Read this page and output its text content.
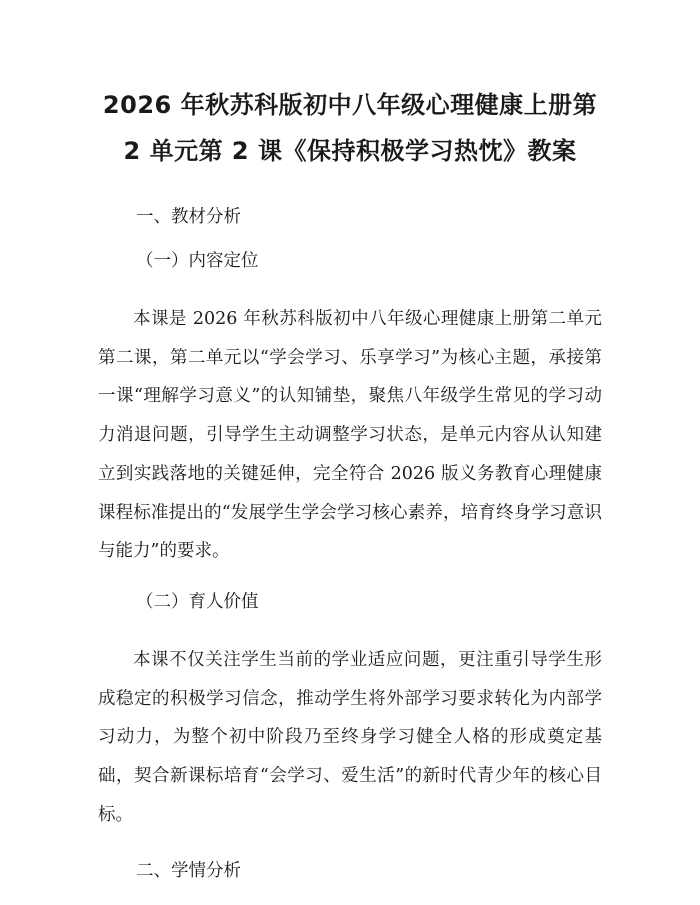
2026 年秋苏科版初中八年级心理健康上册第
2 单元第 2 课《保持积极学习热忱》教案

一、教材分析

（一）内容定位

本课是 2026 年秋苏科版初中八年级心理健康上册第二单元第二课，第二单元以“学会学习、乐享学习”为核心主题，承接第一课“理解学习意义”的认知铺垫，聚焦八年级学生常见的学习动力消退问题，引导学生主动调整学习状态，是单元内容从认知建立到实践落地的关键延伸，完全符合 2026 版义务教育心理健康课程标准提出的“发展学生学会学习核心素养，培育终身学习意识与能力”的要求。

（二）育人价值

本课不仅关注学生当前的学业适应问题，更注重引导学生形成稳定的积极学习信念，推动学生将外部学习要求转化为内部学习动力，为整个初中阶段乃至终身学习健全人格的形成奠定基础，契合新课标培育“会学习、爱生活”的新时代青少年的核心目标。

二、学情分析
